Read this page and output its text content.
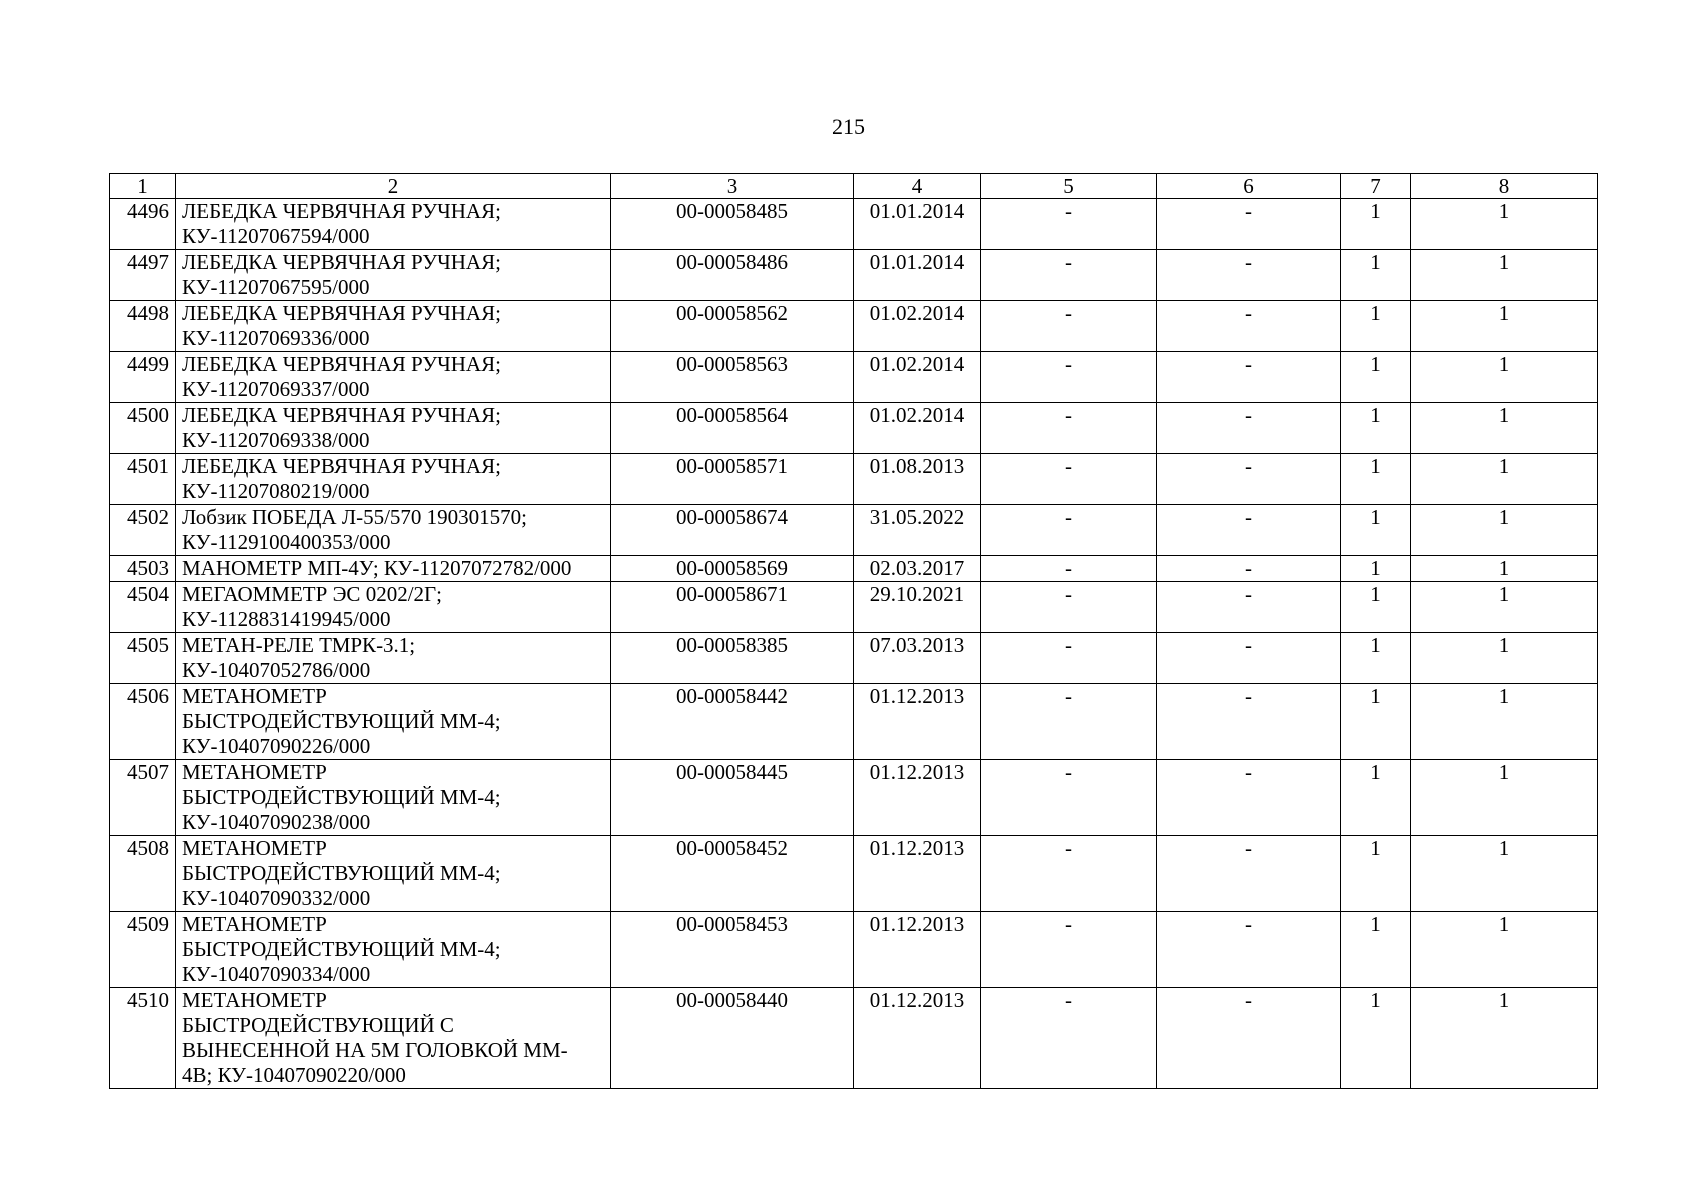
215
1	2	3	4	5	6	7	8
4496	ЛЕБЕДКА ЧЕРВЯЧНАЯ РУЧНАЯ;
КУ-11207067594/000	00-00058485	01.01.2014	-	-	1	1
4497	ЛЕБЕДКА ЧЕРВЯЧНАЯ РУЧНАЯ;
КУ-11207067595/000	00-00058486	01.01.2014	-	-	1	1
4498	ЛЕБЕДКА ЧЕРВЯЧНАЯ РУЧНАЯ;
КУ-11207069336/000	00-00058562	01.02.2014	-	-	1	1
4499	ЛЕБЕДКА ЧЕРВЯЧНАЯ РУЧНАЯ;
КУ-11207069337/000	00-00058563	01.02.2014	-	-	1	1
4500	ЛЕБЕДКА ЧЕРВЯЧНАЯ РУЧНАЯ;
КУ-11207069338/000	00-00058564	01.02.2014	-	-	1	1
4501	ЛЕБЕДКА ЧЕРВЯЧНАЯ РУЧНАЯ;
КУ-11207080219/000	00-00058571	01.08.2013	-	-	1	1
4502	Лобзик ПОБЕДА Л-55/570 190301570;
КУ-1129100400353/000	00-00058674	31.05.2022	-	-	1	1
4503	МАНОМЕТР МП-4У; КУ-11207072782/000	00-00058569	02.03.2017	-	-	1	1
4504	МЕГАОММЕТР ЭС 0202/2Г;
КУ-1128831419945/000	00-00058671	29.10.2021	-	-	1	1
4505	МЕТАН-РЕЛЕ ТМРК-3.1;
КУ-10407052786/000	00-00058385	07.03.2013	-	-	1	1
4506	МЕТАНОМЕТР
БЫСТРОДЕЙСТВУЮЩИЙ ММ-4;
КУ-10407090226/000	00-00058442	01.12.2013	-	-	1	1
4507	МЕТАНОМЕТР
БЫСТРОДЕЙСТВУЮЩИЙ ММ-4;
КУ-10407090238/000	00-00058445	01.12.2013	-	-	1	1
4508	МЕТАНОМЕТР
БЫСТРОДЕЙСТВУЮЩИЙ ММ-4;
КУ-10407090332/000	00-00058452	01.12.2013	-	-	1	1
4509	МЕТАНОМЕТР
БЫСТРОДЕЙСТВУЮЩИЙ ММ-4;
КУ-10407090334/000	00-00058453	01.12.2013	-	-	1	1
4510	МЕТАНОМЕТР
БЫСТРОДЕЙСТВУЮЩИЙ С
ВЫНЕСЕННОЙ НА 5М ГОЛОВКОЙ ММ-
4В; КУ-10407090220/000	00-00058440	01.12.2013	-	-	1	1
